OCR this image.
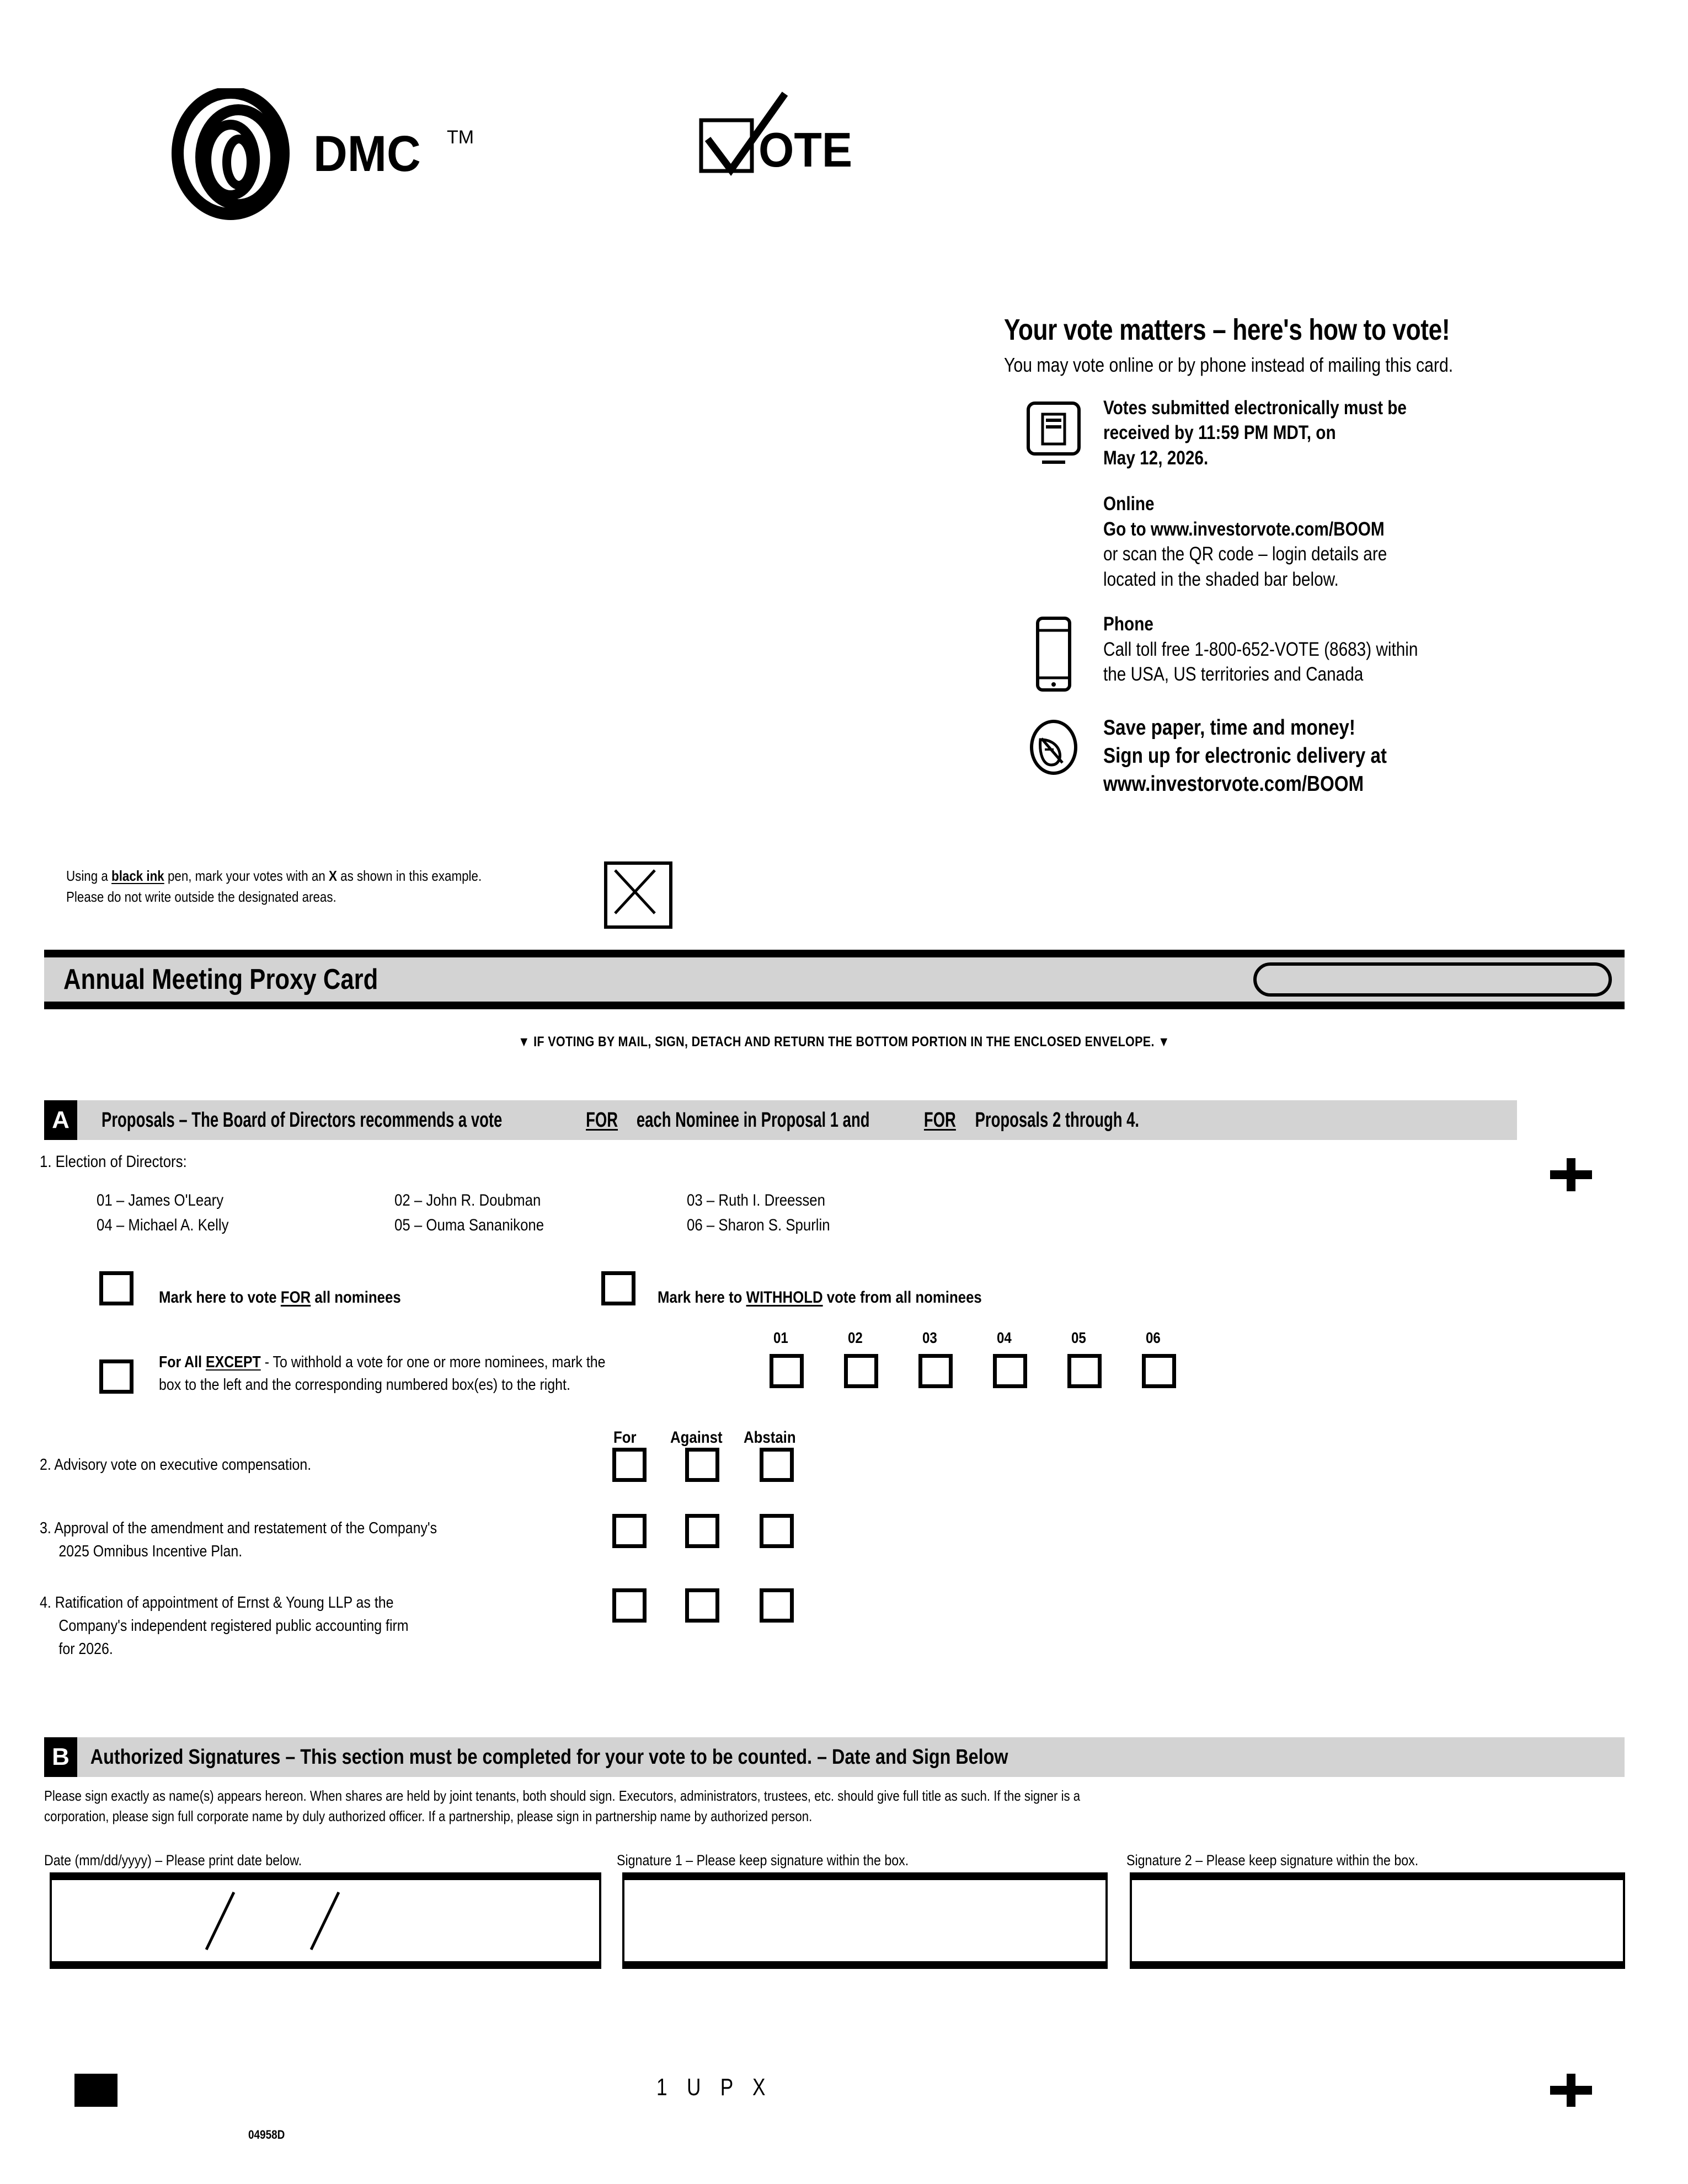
DMC TM	OTE
Your vote matters – here's how to vote!
You may vote online or by phone instead of mailing this card.
Votes submitted electronically must be
received by 11:59 PM MDT, on
May 12, 2026.
Online
Go to www.investorvote.com/BOOM
or scan the QR code – login details are
located in the shaded bar below.
Phone
Call toll free 1-800-652-VOTE (8683) within
the USA, US territories and Canada
Save paper, time and money!
Sign up for electronic delivery at
www.investorvote.com/BOOM
Using a black ink pen, mark your votes with an X as shown in this example.
Please do not write outside the designated areas.
Annual Meeting Proxy Card
▼ IF VOTING BY MAIL, SIGN, DETACH AND RETURN THE BOTTOM PORTION IN THE ENCLOSED ENVELOPE. ▼
A	Proposals – The Board of Directors recommends a vote	FOReach Nominee in Proposal 1 and	FORProposals 2 through 4.
1. Election of Directors:
01 – James O'Leary	02 – John R. Doubman	03 – Ruth I. Dreessen
04 – Michael A. Kelly	05 – Ouma Sananikone	06 – Sharon S. Spurlin
Mark here to vote FOR all nominees	Mark here to WITHHOLD vote from all nominees
01	02	03	04	05	06
For All EXCEPT - To withhold a vote for one or more nominees, mark the
box to the left and the corresponding numbered box(es) to the right.
For Against Abstain
2. Advisory vote on executive compensation.
3. Approval of the amendment and restatement of the Company's
2025 Omnibus Incentive Plan.
4. Ratification of appointment of Ernst & Young LLP as the
Company's independent registered public accounting firm
for 2026.
B Authorized Signatures – This section must be completed for your vote to be counted. – Date and Sign Below
Please sign exactly as name(s) appears hereon. When shares are held by joint tenants, both should sign. Executors, administrators, trustees, etc. should give full title as such. If the signer is a
corporation, please sign full corporate name by duly authorized officer. If a partnership, please sign in partnership name by authorized person.
Date (mm/dd/yyyy) – Please print date below.	Signature 1 – Please keep signature within the box.	Signature 2 – Please keep signature within the box.
1 U P X
04958D
